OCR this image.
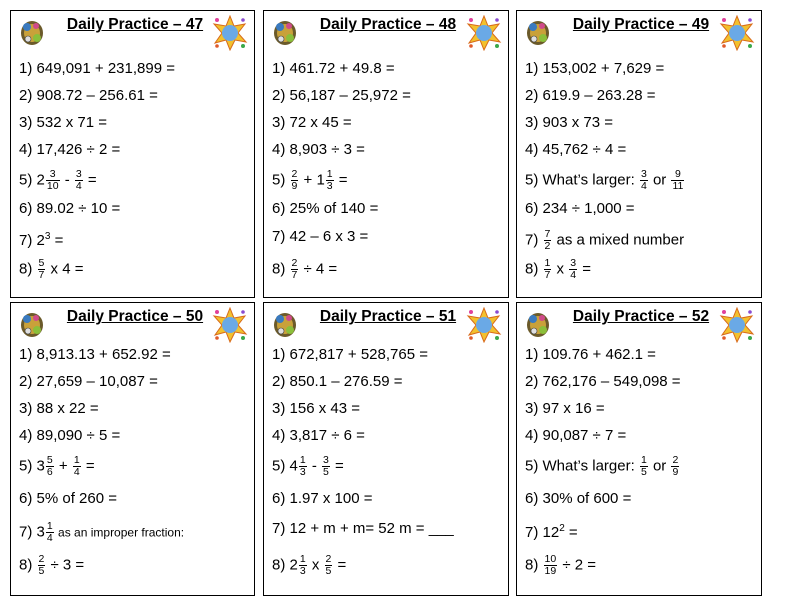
Daily Practice – 47
1) 649,091 + 231,899 =
2) 908.72 – 256.61 =
3) 532 x 71 =
4) 17,426 ÷ 2 =
5) $2 \frac{3}{10} - \frac{3}{4}$ =
6) 89.02 ÷ 10 =
7) $2^3$ =
$8) \frac{5}{7}$ x 4 =
Daily Practice – 48
1) 461.72 + 49.8 =
2) 56,187 – 25,972 =
3) 72 x 45 =
4) 8,903 ÷ 3 =
$5) \frac{2}{9} + 1 \frac{1}{3}$ =
6) 25% of 140 =
7) 42 – 6 x 3 =
$8) \frac{2}{7} \div 4$ =
Daily Practice – 49
1) 153,002 + 7,629 =
2) 619.9 – 263.28 =
3) 903 x 73 =
4) 45,762 ÷ 4 =
5) What’s larger: $\frac{3}{4}$ or $\frac{9}{11}$
6) 234 ÷ 1,000 =
$7) \frac{7}{2}$ as a mixed number
$8) \frac{1}{7}$ x $\frac{3}{4}$ =
Daily Practice – 50
1) 8,913.13 + 652.92 =
2) 27,659 – 10,087 =
3) 88 x 22 =
4) 89,090 ÷ 5 =
5) $3 \frac{5}{6} + \frac{1}{4}$ =
6) 5% of 260 =
7) $3 \frac{1}{4}$ as an improper fraction:
$8) \frac{2}{5} \div 3$ =
Daily Practice – 51
1) 672,817 + 528,765 =
2) 850.1 – 276.59 =
3) 156 x 43 =
4) 3,817 ÷ 6 =
5) $4 \frac{1}{3} - \frac{3}{5}$ =
6) 1.97 x 100 =
7) 12 + m + m= 52 m = ___
8) $2 \frac{1}{3}$ x $\frac{2}{5}$ =
Daily Practice – 52
1) 109.76 + 462.1 =
2) 762,176 – 549,098 =
3) 97 x 16 =
4) 90,087 ÷ 7 =
5) What’s larger: $\frac{1}{5}$ or $\frac{2}{9}$
6) 30% of 600 =
7) $12^2$ =
$8) \frac{10}{19} \div 2$ =
